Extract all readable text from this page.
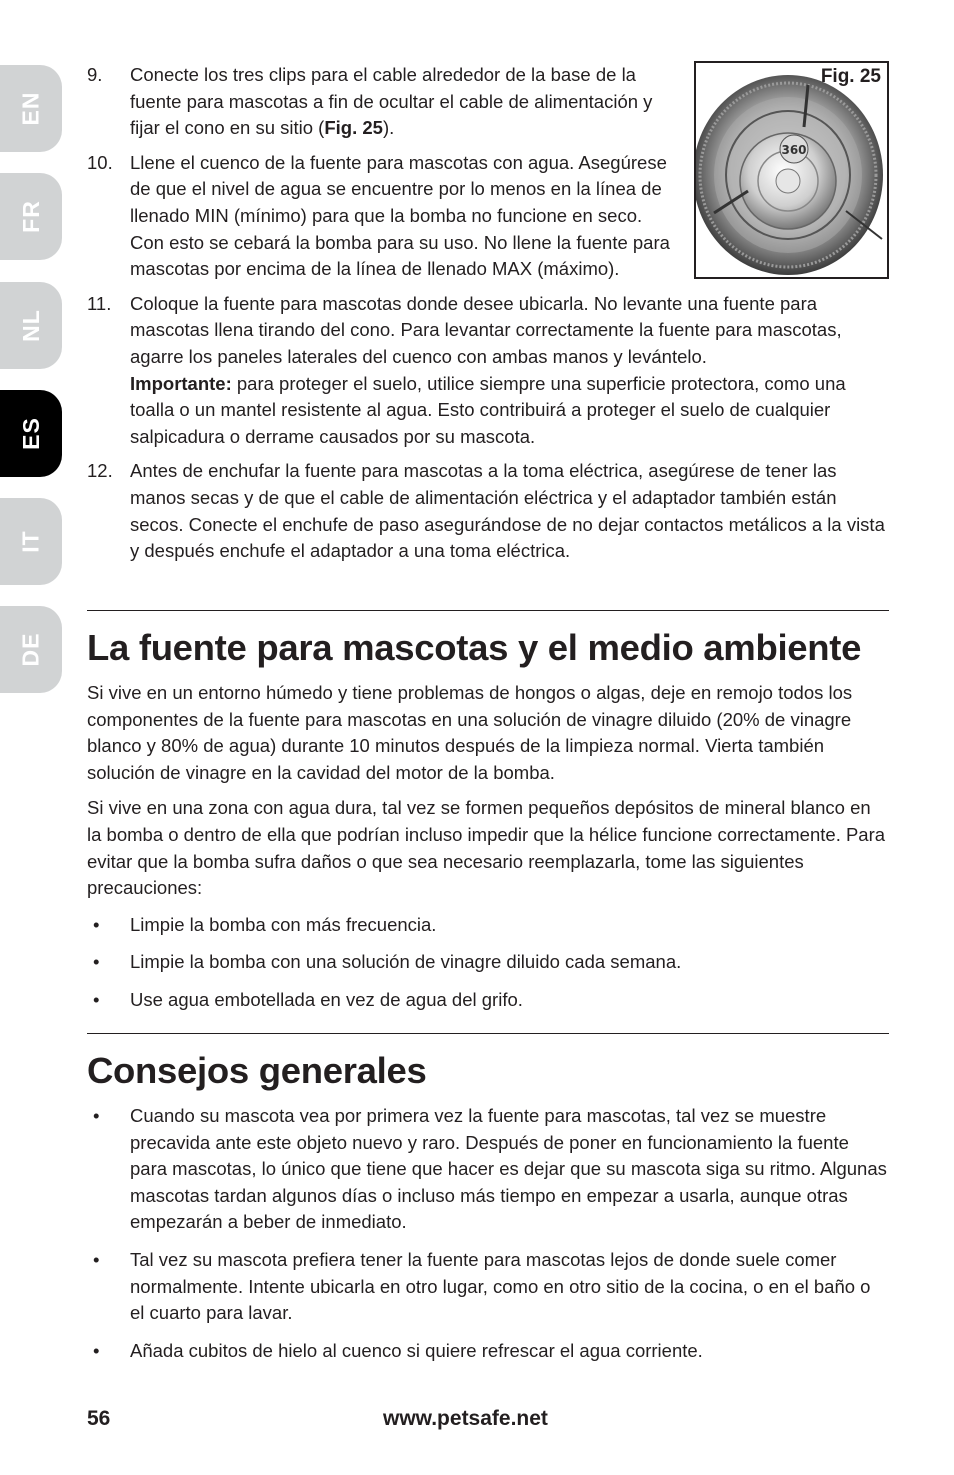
EN
FR
NL
ES
IT
DE
360
Fig. 25
9. Conecte los tres clips para el cable alrededor de la base de la fuente para mascotas a fin de ocultar el cable de alimentación y fijar el cono en su sitio (Fig. 25).
10. Llene el cuenco de la fuente para mascotas con agua. Asegúrese de que el nivel de agua se encuentre por lo menos en la línea de llenado MIN (mínimo) para que la bomba no funcione en seco. Con esto se cebará la bomba para su uso. No llene la fuente para mascotas por encima de la línea de llenado MAX (máximo).
11. Coloque la fuente para mascotas donde desee ubicarla. No levante una fuente para mascotas llena tirando del cono. Para levantar correctamente la fuente para mascotas, agarre los paneles laterales del cuenco con ambas manos y levántelo.
Importante: para proteger el suelo, utilice siempre una superficie protectora, como una toalla o un mantel resistente al agua. Esto contribuirá a proteger el suelo de cualquier salpicadura o derrame causados por su mascota.
12. Antes de enchufar la fuente para mascotas a la toma eléctrica, asegúrese de tener las manos secas y de que el cable de alimentación eléctrica y el adaptador también están secos. Conecte el enchufe de paso asegurándose de no dejar contactos metálicos a la vista y después enchufe el adaptador a una toma eléctrica.
La fuente para mascotas y el medio ambiente

Si vive en un entorno húmedo y tiene problemas de hongos o algas, deje en remojo todos los componentes de la fuente para mascotas en una solución de vinagre diluido (20% de vinagre blanco y 80% de agua) durante 10 minutos después de la limpieza normal. Vierta también solución de vinagre en la cavidad del motor de la bomba.

Si vive en una zona con agua dura, tal vez se formen pequeños depósitos de mineral blanco en la bomba o dentro de ella que podrían incluso impedir que la hélice funcione correctamente. Para evitar que la bomba sufra daños o que sea necesario reemplazarla, tome las siguientes precauciones:

• Limpie la bomba con más frecuencia.
• Limpie la bomba con una solución de vinagre diluido cada semana.
• Use agua embotellada en vez de agua del grifo.
Consejos generales
• Cuando su mascota vea por primera vez la fuente para mascotas, tal vez se muestre precavida ante este objeto nuevo y raro. Después de poner en funcionamiento la fuente para mascotas, lo único que tiene que hacer es dejar que su mascota siga su ritmo. Algunas mascotas tardan algunos días o incluso más tiempo en empezar a usarla, aunque otras empezarán a beber de inmediato.
• Tal vez su mascota prefiera tener la fuente para mascotas lejos de donde suele comer normalmente. Intente ubicarla en otro lugar, como en otro sitio de la cocina, o en el baño o el cuarto para lavar.
• Añada cubitos de hielo al cuenco si quiere refrescar el agua corriente.
56	www.petsafe.net
